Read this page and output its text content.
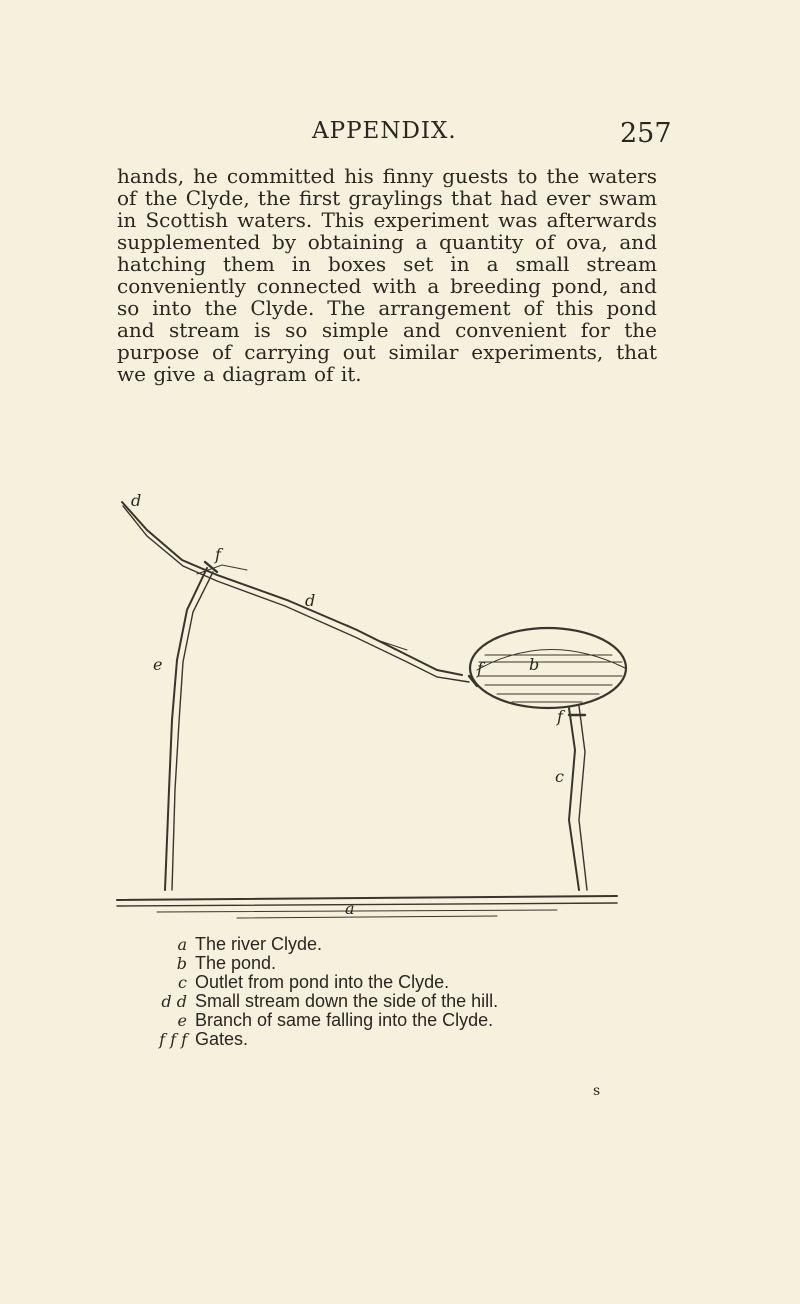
APPENDIX.	257

hands, he committed his finny guests to the waters of the Clyde, the first graylings that had ever swam in Scottish waters. This experiment was afterwards supplemented by obtaining a quantity of ova, and hatching them in boxes set in a small stream conveniently connected with a breeding pond, and so into the Clyde. The arrangement of this pond and stream is so simple and convenient for the purpose of carrying out similar experiments, that we give a diagram of it.

d
f
d
f	b
f
e
c
a
a The river Clyde.
b The pond.
c Outlet from pond into the Clyde.
d d Small stream down the side of the hill.
e Branch of same falling into the Clyde.
f f f Gates.
s
